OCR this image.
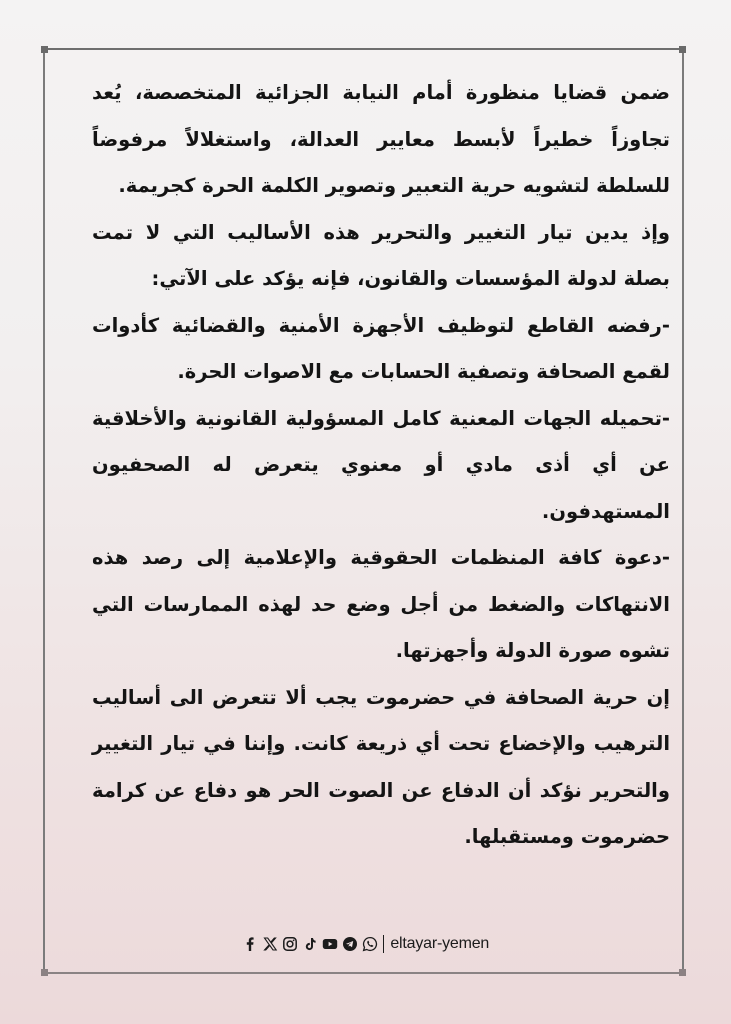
ضمن قضايا منظورة أمام النيابة الجزائية المتخصصة، يُعد تجاوزاً خطيراً لأبسط معايير العدالة، واستغلالاً مرفوضاً للسلطة لتشويه حرية التعبير وتصوير الكلمة الحرة كجريمة.

وإذ يدين تيار التغيير والتحرير هذه الأساليب التي لا تمت بصلة لدولة المؤسسات والقانون، فإنه يؤكد على الآتي:

-رفضه القاطع لتوظيف الأجهزة الأمنية والقضائية كأدوات لقمع الصحافة وتصفية الحسابات مع الاصوات الحرة.

-تحميله الجهات المعنية كامل المسؤولية القانونية والأخلاقية عن أي أذى مادي أو معنوي يتعرض له الصحفيون المستهدفون.

-دعوة كافة المنظمات الحقوقية والإعلامية إلى رصد هذه الانتهاكات والضغط من أجل وضع حد لهذه الممارسات التي تشوه صورة الدولة وأجهزتها.

إن حرية الصحافة في حضرموت يجب ألا تتعرض الى أساليب الترهيب والإخضاع تحت أي ذريعة كانت. وإننا في تيار التغيير والتحرير نؤكد أن الدفاع عن الصوت الحر هو دفاع عن كرامة حضرموت ومستقبلها.

eltayar-yemen
